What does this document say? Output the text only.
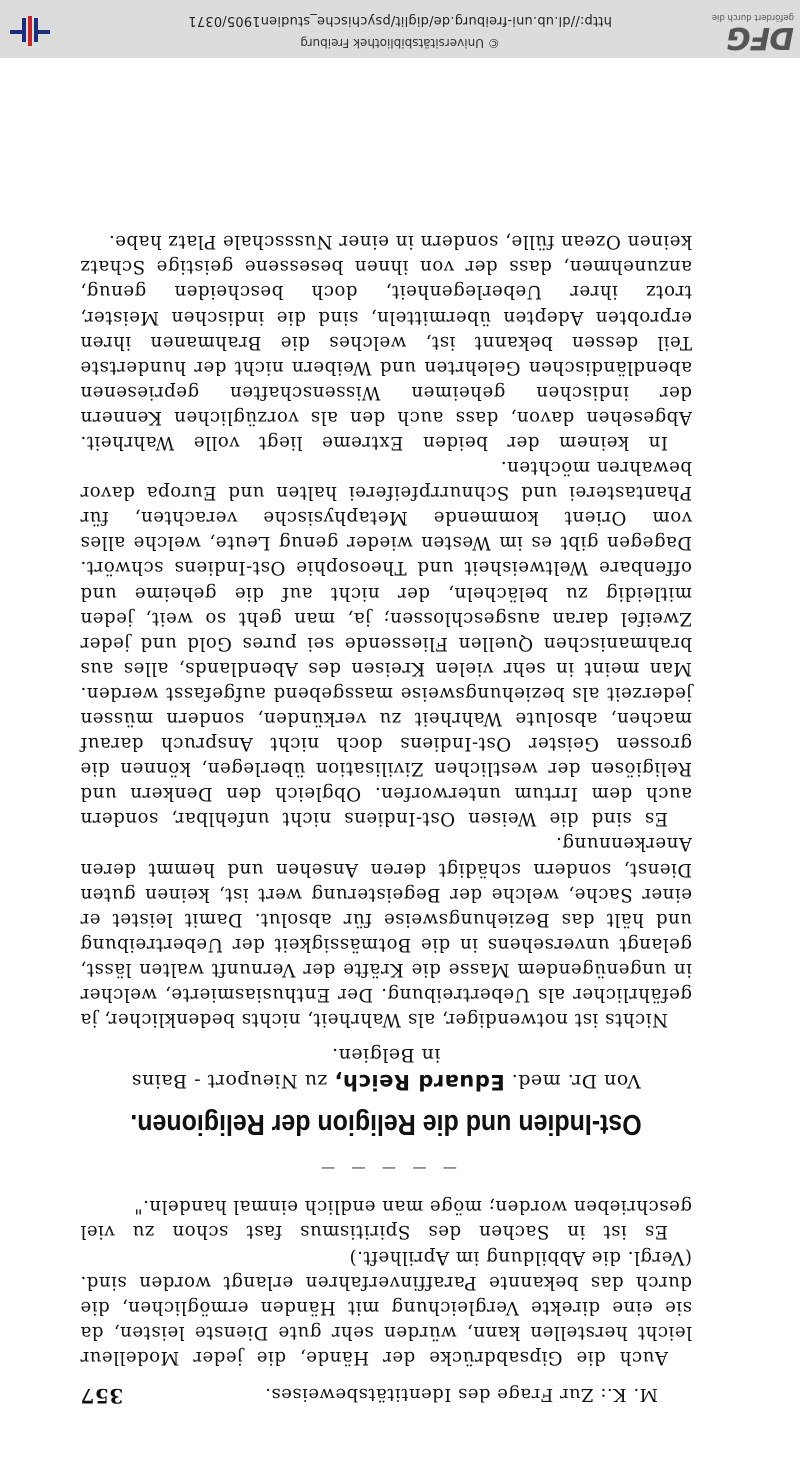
M. K.: Zur Frage des Identitätsbeweises.
357

Auch die Gipsabdrücke der Hände, die jeder Modelleur leicht herstellen kann, würden sehr gute Dienste leisten, da sie eine direkte Vergleichung mit Händen ermöglichen, die durch das bekannte Paraffinverfahren erlangt worden sind. (Vergl. die Abbildung im Aprilheft.)

Es ist in Sachen des Spiritismus fast schon zu viel geschrieben worden; möge man endlich einmal handeln."

— — — — —
Ost-Indien und die Religion der Religionen.
Von Dr. med. Eduard Reich, zu Nieuport - Bains
in Belgien.

Nichts ist notwendiger, als Wahrheit, nichts bedenklicher, ja gefährlicher als Uebertreibung. Der Enthusiasmierte, welcher in ungenügendem Masse die Kräfte der Vernunft walten lässt, gelangt unversehens in die Botmässigkeit der Uebertreibung und hält das Beziehungsweise für absolut. Damit leistet er einer Sache, welche der Begeisterung wert ist, keinen guten Dienst, sondern schädigt deren Ansehen und hemmt deren Anerkennung.

Es sind die Weisen Ost-Indiens nicht unfehlbar, sondern auch dem Irrtum unterworfen. Obgleich den Denkern und Religiösen der westlichen Zivilisation überlegen, können die grossen Geister Ost-Indiens doch nicht Anspruch darauf machen, absolute Wahrheit zu verkünden, sondern müssen jederzeit als beziehungsweise massgebend aufgefasst werden. Man meint in sehr vielen Kreisen des Abendlands, alles aus brahmanischen Quellen Fliessende sei pures Gold und jeder Zweifel daran ausgeschlossen; ja, man geht so weit, jeden mitleidig zu belächeln, der nicht auf die geheime und offenbare Weltweisheit und Theosophie Ost-Indiens schwört. Dagegen gibt es im Westen wieder genug Leute, welche alles vom Orient kommende Metaphysische verachten, für Phantasterei und Schnurrpfeiferei halten und Europa davor bewahren möchten.

In keinem der beiden Extreme liegt volle Wahrheit. Abgesehen davon, dass auch den als vorzüglichen Kennern der indischen geheimen Wissenschaften gepriesenen abendländischen Gelehrten und Weibern nicht der hundertste Teil dessen bekannt ist, welches die Brahmanen ihren erprobten Adepten übermitteln, sind die indischen Meister, trotz ihrer Ueberlegenheit, doch bescheiden genug, anzunehmen, dass der von ihnen besessene geistige Schatz keinen Ozean fülle, sondern in einer Nussschale Platz habe.

DFG
gefördert durch die
© Universitätsbibliothek Freiburg
http://dl.ub.uni-freiburg.de/diglit/psychische_studien1905/0371
